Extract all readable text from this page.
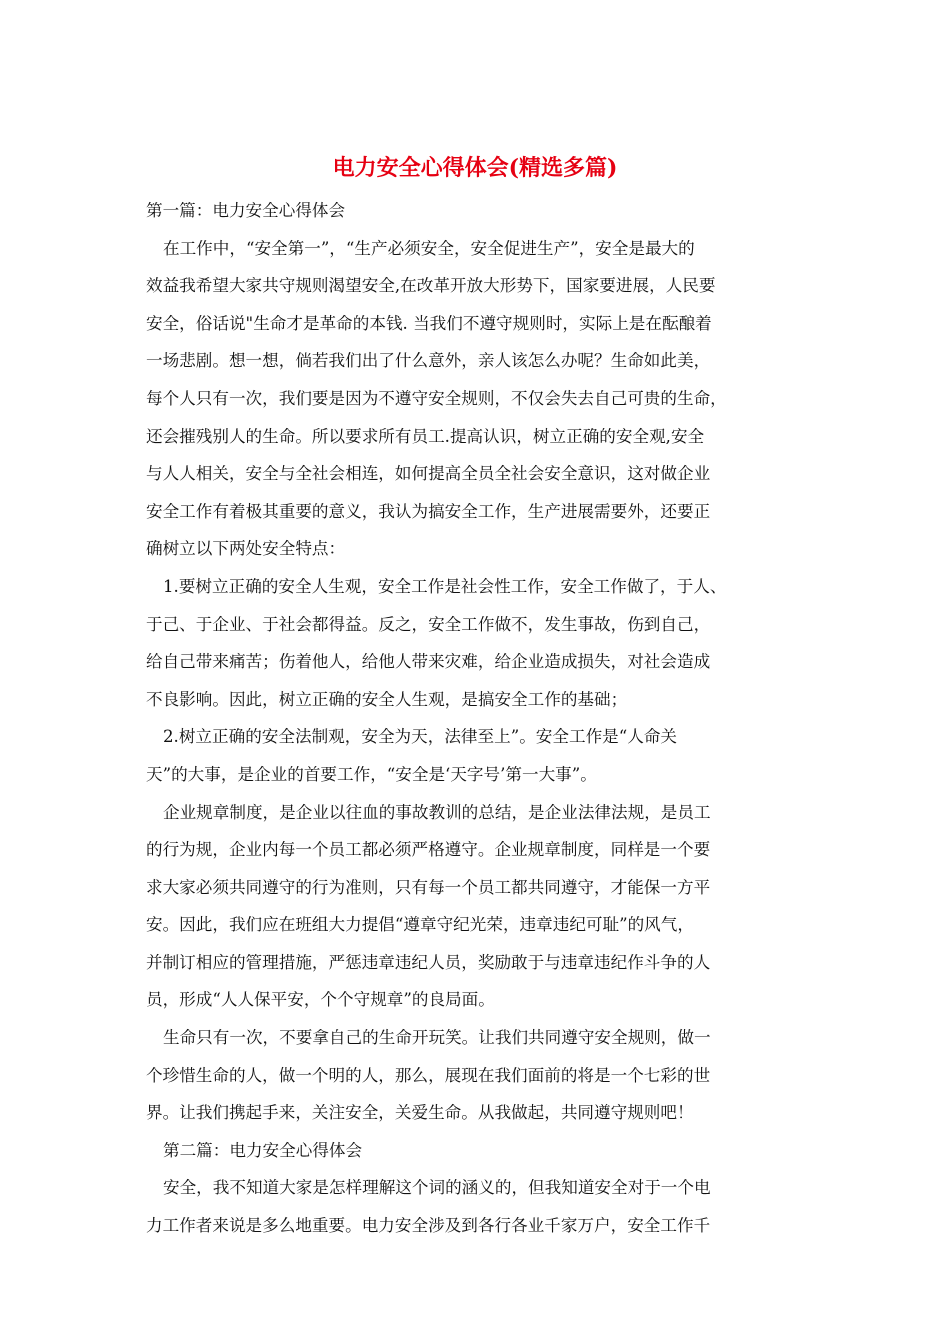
电力安全心得体会(精选多篇)
第一篇：电力安全心得体会
在工作中，“安全第一”，“生产必须安全，安全促进生产”，安全是最大的
效益我希望大家共守规则渴望安全,在改革开放大形势下，国家要进展，人民要
安全，俗话说"生命才是革命的本钱. 当我们不遵守规则时，实际上是在酝酿着
一场悲剧。想一想，倘若我们出了什么意外，亲人该怎么办呢？生命如此美，
每个人只有一次，我们要是因为不遵守安全规则，不仅会失去自己可贵的生命，
还会摧残别人的生命。所以要求所有员工.提高认识，树立正确的安全观,安全
与人人相关，安全与全社会相连，如何提高全员全社会安全意识，这对做企业
安全工作有着极其重要的意义，我认为搞安全工作，生产进展需要外，还要正
确树立以下两处安全特点：
1.要树立正确的安全人生观，安全工作是社会性工作，安全工作做了，于人、
于己、于企业、于社会都得益。反之，安全工作做不，发生事故，伤到自己，
给自己带来痛苦；伤着他人，给他人带来灾难，给企业造成损失，对社会造成
不良影响。因此，树立正确的安全人生观，是搞安全工作的基础；
2.树立正确的安全法制观，安全为天，法律至上”。安全工作是“人命关
天”的大事，是企业的首要工作，“安全是‘天字号’第一大事”。
企业规章制度，是企业以往血的事故教训的总结，是企业法律法规，是员工
的行为规，企业内每一个员工都必须严格遵守。企业规章制度，同样是一个要
求大家必须共同遵守的行为准则，只有每一个员工都共同遵守，才能保一方平
安。因此，我们应在班组大力提倡“遵章守纪光荣，违章违纪可耻”的风气，
并制订相应的管理措施，严惩违章违纪人员，奖励敢于与违章违纪作斗争的人
员，形成“人人保平安，个个守规章”的良局面。
生命只有一次，不要拿自己的生命开玩笑。让我们共同遵守安全规则，做一
个珍惜生命的人，做一个明的人，那么，展现在我们面前的将是一个七彩的世
界。让我们携起手来，关注安全，关爱生命。从我做起，共同遵守规则吧！
第二篇：电力安全心得体会
安全，我不知道大家是怎样理解这个词的涵义的，但我知道安全对于一个电
力工作者来说是多么地重要。电力安全涉及到各行各业千家万户，安全工作千
